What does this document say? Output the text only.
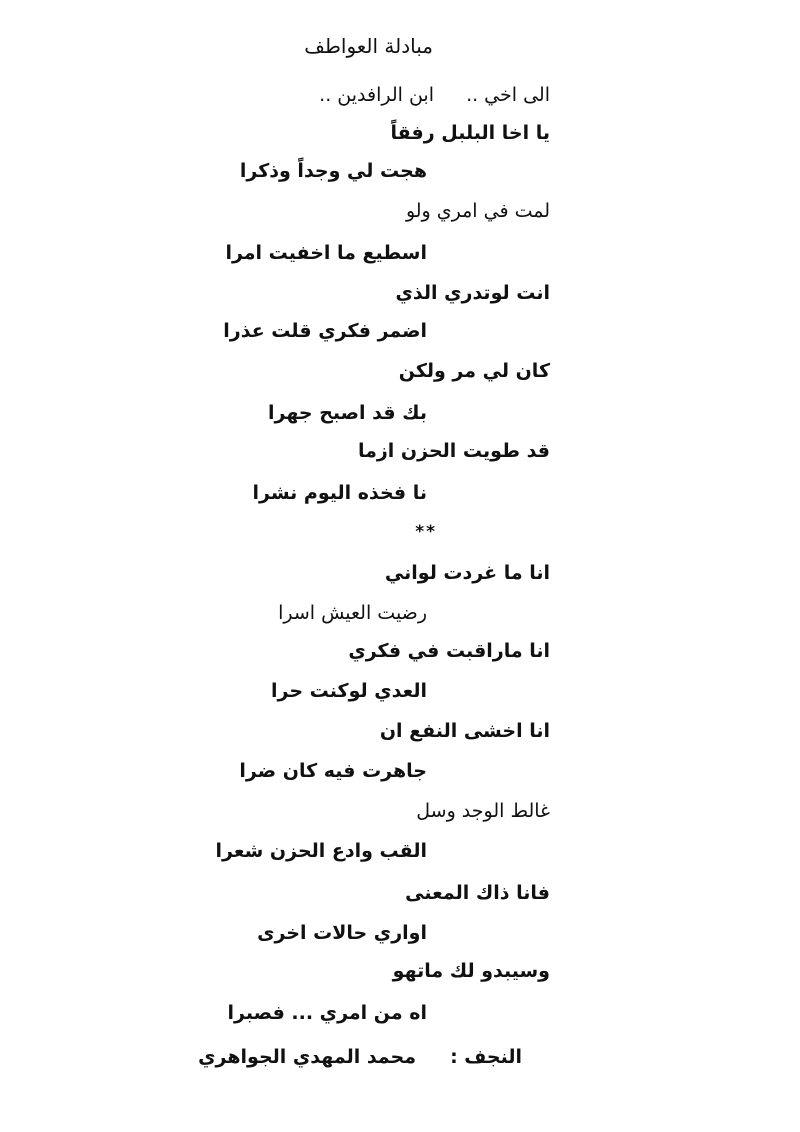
مبادلة العواطف
الى اخي ..
ابن الرافدين ..
يا اخا البلبل رفقاً
هجت لي وجداً وذكرا
لمت في امري ولو
اسطيع ما اخفيت امرا
انت لوتدري الذي
اضمر فكري قلت عذرا
كان لي مر ولكن
بك قد اصبح جهرا
قد طويت الحزن ازما
نا فخذه اليوم نشرا
**
انا ما غردت لواني
رضيت العيش اسرا
انا ماراقبت في فكري
العدي لوكنت حرا
انا اخشى النفع ان
جاهرت فيه كان ضرا
غالط الوجد وسل
القب وادع الحزن شعرا
فانا ذاك المعنى
اواري حالات اخرى
وسيبدو لك ماتهو
اه من امري ... فصبرا
النجف :
محمد المهدي الجواهري
